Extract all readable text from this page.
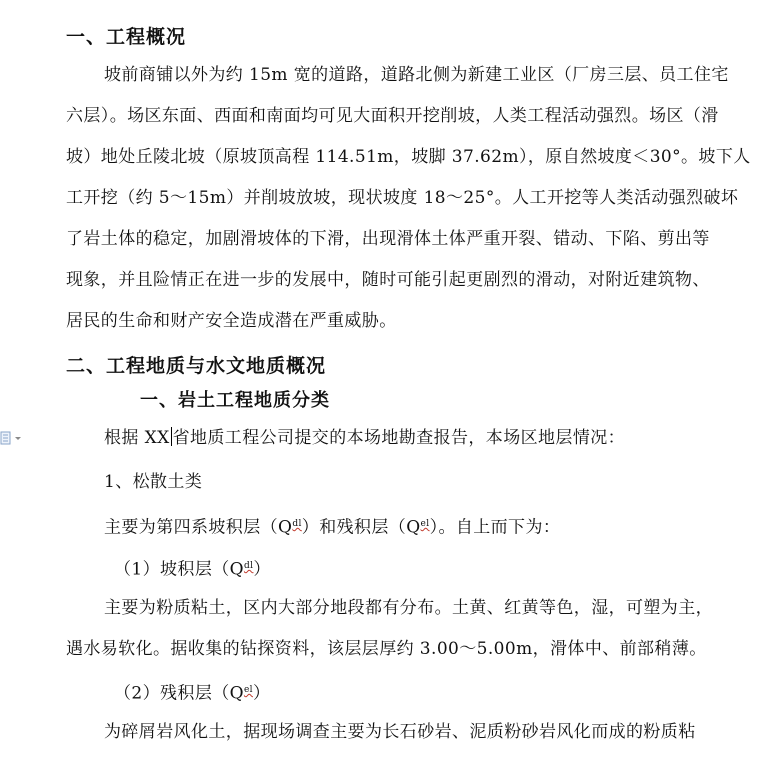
一、工程概况
坡前商铺以外为约 15m 宽的道路，道路北侧为新建工业区（厂房三层、员工住宅
六层）。场区东面、西面和南面均可见大面积开挖削坡，人类工程活动强烈。场区（滑
坡）地处丘陵北坡（原坡顶高程 114.51m，坡脚 37.62m），原自然坡度＜30°。坡下人
工开挖（约 5～15m）并削坡放坡，现状坡度 18～25°。人工开挖等人类活动强烈破坏
了岩土体的稳定，加剧滑坡体的下滑，出现滑体土体严重开裂、错动、下陷、剪出等
现象，并且险情正在进一步的发展中，随时可能引起更剧烈的滑动，对附近建筑物、
居民的生命和财产安全造成潜在严重威胁。
二、工程地质与水文地质概况
一、岩土工程地质分类
根据 XX 省地质工程公司提交的本场地勘查报告，本场区地层情况：
1、松散土类
主要为第四系坡积层$(Q^{dl})$和残积层$(Q^{el})$。自上而下为：
（1）坡积层$(Q^{dl})$
主要为粉质粘土，区内大部分地段都有分布。土黄、红黄等色，湿，可塑为主，
遇水易软化。据收集的钻探资料，该层层厚约 3.00～5.00m，滑体中、前部稍薄。
（2）残积层$(Q^{el})$
为碎屑岩风化土，据现场调查主要为长石砂岩、泥质粉砂岩风化而成的粉质粘
